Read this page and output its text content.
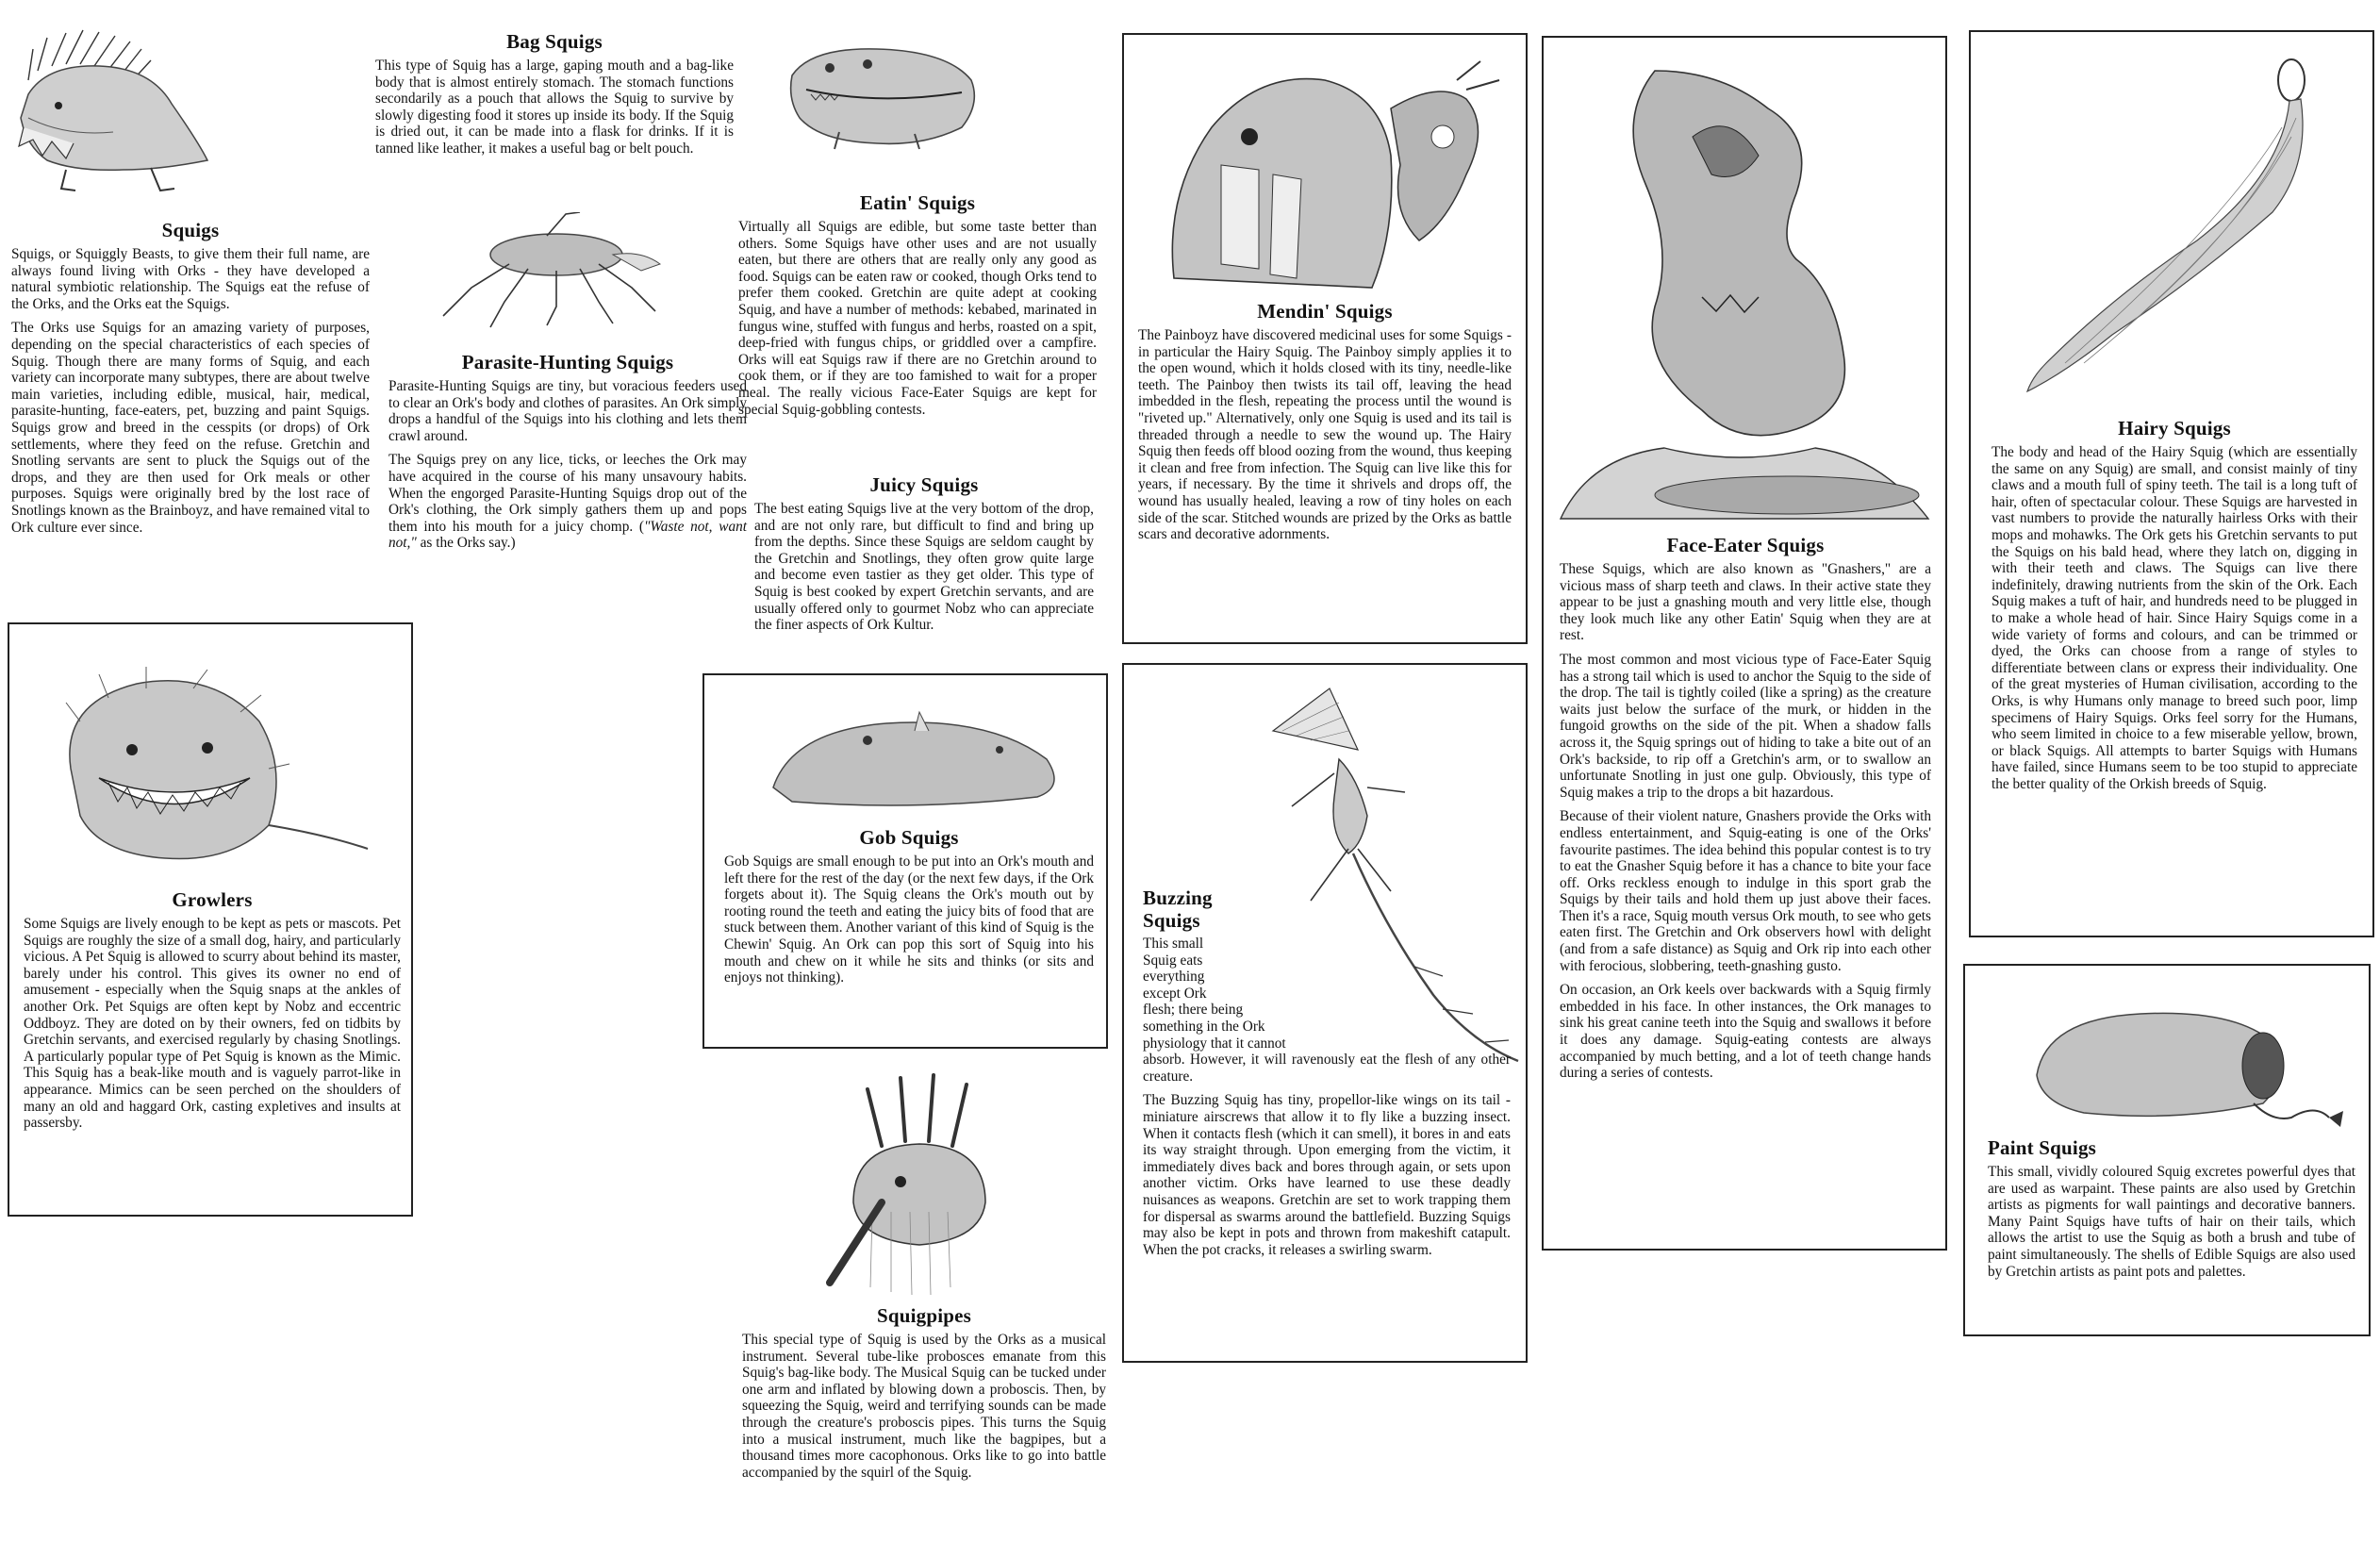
Bag Squigs

This type of Squig has a large, gaping mouth and a bag-like body that is almost entirely stomach. The stomach functions secondarily as a pouch that allows the Squig to survive by slowly digesting food it stores up inside its body. If the Squig is dried out, it can be made into a flask for drinks. If it is tanned like leather, it makes a useful bag or belt pouch.

Squigs

Squigs, or Squiggly Beasts, to give them their full name, are always found living with Orks - they have developed a natural symbiotic relationship. The Squigs eat the refuse of the Orks, and the Orks eat the Squigs.

The Orks use Squigs for an amazing variety of purposes, depending on the special characteristics of each species of Squig. Though there are many forms of Squig, and each variety can incorporate many subtypes, there are about twelve main varieties, including edible, musical, hair, medical, parasite-hunting, face-eaters, pet, buzzing and paint Squigs. Squigs grow and breed in the cesspits (or drops) of Ork settlements, where they feed on the refuse. Gretchin and Snotling servants are sent to pluck the Squigs out of the drops, and they are then used for Ork meals or other purposes. Squigs were originally bred by the lost race of Snotlings known as the Brainboyz, and have remained vital to Ork culture ever since.

Parasite-Hunting Squigs

Parasite-Hunting Squigs are tiny, but voracious feeders used to clear an Ork's body and clothes of parasites. An Ork simply drops a handful of the Squigs into his clothing and lets them crawl around.

The Squigs prey on any lice, ticks, or leeches the Ork may have acquired in the course of his many unsavoury habits. When the engorged Parasite-Hunting Squigs drop out of the Ork's clothing, the Ork simply gathers them up and pops them into his mouth for a juicy chomp. ("Waste not, want not," as the Orks say.)

Eatin' Squigs

Virtually all Squigs are edible, but some taste better than others. Some Squigs have other uses and are not usually eaten, but there are others that are really only any good as food. Squigs can be eaten raw or cooked, though Orks tend to prefer them cooked. Gretchin are quite adept at cooking Squig, and have a number of methods: kebabed, marinated in fungus wine, stuffed with fungus and herbs, roasted on a spit, deep-fried with fungus chips, or griddled over a campfire. Orks will eat Squigs raw if there are no Gretchin around to cook them, or if they are too famished to wait for a proper meal. The really vicious Face-Eater Squigs are kept for special Squig-gobbling contests.

Juicy Squigs

The best eating Squigs live at the very bottom of the drop, and are not only rare, but difficult to find and bring up from the depths. Since these Squigs are seldom caught by the Gretchin and Snotlings, they often grow quite large and become even tastier as they get older. This type of Squig is best cooked by expert Gretchin servants, and are usually offered only to gourmet Nobz who can appreciate the finer aspects of Ork Kultur.

Growlers

Some Squigs are lively enough to be kept as pets or mascots. Pet Squigs are roughly the size of a small dog, hairy, and particularly vicious. A Pet Squig is allowed to scurry about behind its master, barely under his control. This gives its owner no end of amusement - especially when the Squig snaps at the ankles of another Ork. Pet Squigs are often kept by Nobz and eccentric Oddboyz. They are doted on by their owners, fed on tidbits by Gretchin servants, and exercised regularly by chasing Snotlings. A particularly popular type of Pet Squig is known as the Mimic. This Squig has a beak-like mouth and is vaguely parrot-like in appearance. Mimics can be seen perched on the shoulders of many an old and haggard Ork, casting expletives and insults at passersby.

Gob Squigs

Gob Squigs are small enough to be put into an Ork's mouth and left there for the rest of the day (or the next few days, if the Ork forgets about it). The Squig cleans the Ork's mouth out by rooting round the teeth and eating the juicy bits of food that are stuck between them. Another variant of this kind of Squig is the Chewin' Squig. An Ork can pop this sort of Squig into his mouth and chew on it while he sits and thinks (or sits and enjoys not thinking).

Squigpipes

This special type of Squig is used by the Orks as a musical instrument. Several tube-like probosces emanate from this Squig's bag-like body. The Musical Squig can be tucked under one arm and inflated by blowing down a proboscis. Then, by squeezing the Squig, weird and terrifying sounds can be made through the creature's proboscis pipes. This turns the Squig into a musical instrument, much like the bagpipes, but a thousand times more cacophonous. Orks like to go into battle accompanied by the squirl of the Squig.

Mendin' Squigs

The Painboyz have discovered medicinal uses for some Squigs - in particular the Hairy Squig. The Painboy simply applies it to the open wound, which it holds closed with its tiny, needle-like teeth. The Painboy then twists its tail off, leaving the head imbedded in the flesh, repeating the process until the wound is "riveted up." Alternatively, only one Squig is used and its tail is threaded through a needle to sew the wound up. The Hairy Squig then feeds off blood oozing from the wound, thus keeping it clean and free from infection. The Squig can live like this for years, if necessary. By the time it shrivels and drops off, the wound has usually healed, leaving a row of tiny holes on each side of the scar. Stitched wounds are prized by the Orks as battle scars and decorative adornments.

Buzzing
Squigs
This small
Squig eats
everything
except Ork
flesh; there being
something in the Ork
physiology that it cannot

absorb. However, it will ravenously eat the flesh of any other creature.

The Buzzing Squig has tiny, propellor-like wings on its tail - miniature airscrews that allow it to fly like a buzzing insect. When it contacts flesh (which it can smell), it bores in and eats its way straight through. Upon emerging from the victim, it immediately dives back and bores through again, or sets upon another victim. Orks have learned to use these deadly nuisances as weapons. Gretchin are set to work trapping them for dispersal as swarms around the battlefield. Buzzing Squigs may also be kept in pots and thrown from makeshift catapult. When the pot cracks, it releases a swirling swarm.

Face-Eater Squigs

These Squigs, which are also known as "Gnashers," are a vicious mass of sharp teeth and claws. In their active state they appear to be just a gnashing mouth and very little else, though they look much like any other Eatin' Squig when they are at rest.

The most common and most vicious type of Face-Eater Squig has a strong tail which is used to anchor the Squig to the side of the drop. The tail is tightly coiled (like a spring) as the creature waits just below the surface of the murk, or hidden in the fungoid growths on the side of the pit. When a shadow falls across it, the Squig springs out of hiding to take a bite out of an Ork's backside, to rip off a Gretchin's arm, or to swallow an unfortunate Snotling in just one gulp. Obviously, this type of Squig makes a trip to the drops a bit hazardous.

Because of their violent nature, Gnashers provide the Orks with endless entertainment, and Squig-eating is one of the Orks' favourite pastimes. The idea behind this popular contest is to try to eat the Gnasher Squig before it has a chance to bite your face off. Orks reckless enough to indulge in this sport grab the Squigs by their tails and hold them up just above their faces. Then it's a race, Squig mouth versus Ork mouth, to see who gets eaten first. The Gretchin and Ork observers howl with delight (and from a safe distance) as Squig and Ork rip into each other with ferocious, slobbering, teeth-gnashing gusto.

On occasion, an Ork keels over backwards with a Squig firmly embedded in his face. In other instances, the Ork manages to sink his great canine teeth into the Squig and swallows it before it does any damage. Squig-eating contests are always accompanied by much betting, and a lot of teeth change hands during a series of contests.

Hairy Squigs

The body and head of the Hairy Squig (which are essentially the same on any Squig) are small, and consist mainly of tiny claws and a mouth full of spiny teeth. The tail is a long tuft of hair, often of spectacular colour. These Squigs are harvested in vast numbers to provide the naturally hairless Orks with their mops and mohawks. The Ork gets his Gretchin servants to put the Squigs on his bald head, where they latch on, digging in with their teeth and claws. The Squigs can live there indefinitely, drawing nutrients from the skin of the Ork. Each Squig makes a tuft of hair, and hundreds need to be plugged in to make a whole head of hair. Since Hairy Squigs come in a wide variety of forms and colours, and can be trimmed or dyed, the Orks can choose from a range of styles to differentiate between clans or express their individuality. One of the great mysteries of Human civilisation, according to the Orks, is why Humans only manage to breed such poor, limp specimens of Hairy Squigs. Orks feel sorry for the Humans, who seem limited in choice to a few miserable yellow, brown, or black Squigs. All attempts to barter Squigs with Humans have failed, since Humans seem to be too stupid to appreciate the better quality of the Orkish breeds of Squig.

Paint Squigs

This small, vividly coloured Squig excretes powerful dyes that are used as warpaint. These paints are also used by Gretchin artists as pigments for wall paintings and decorative banners. Many Paint Squigs have tufts of hair on their tails, which allows the artist to use the Squig as both a brush and tube of paint simultaneously. The shells of Edible Squigs are also used by Gretchin artists as paint pots and palettes.
